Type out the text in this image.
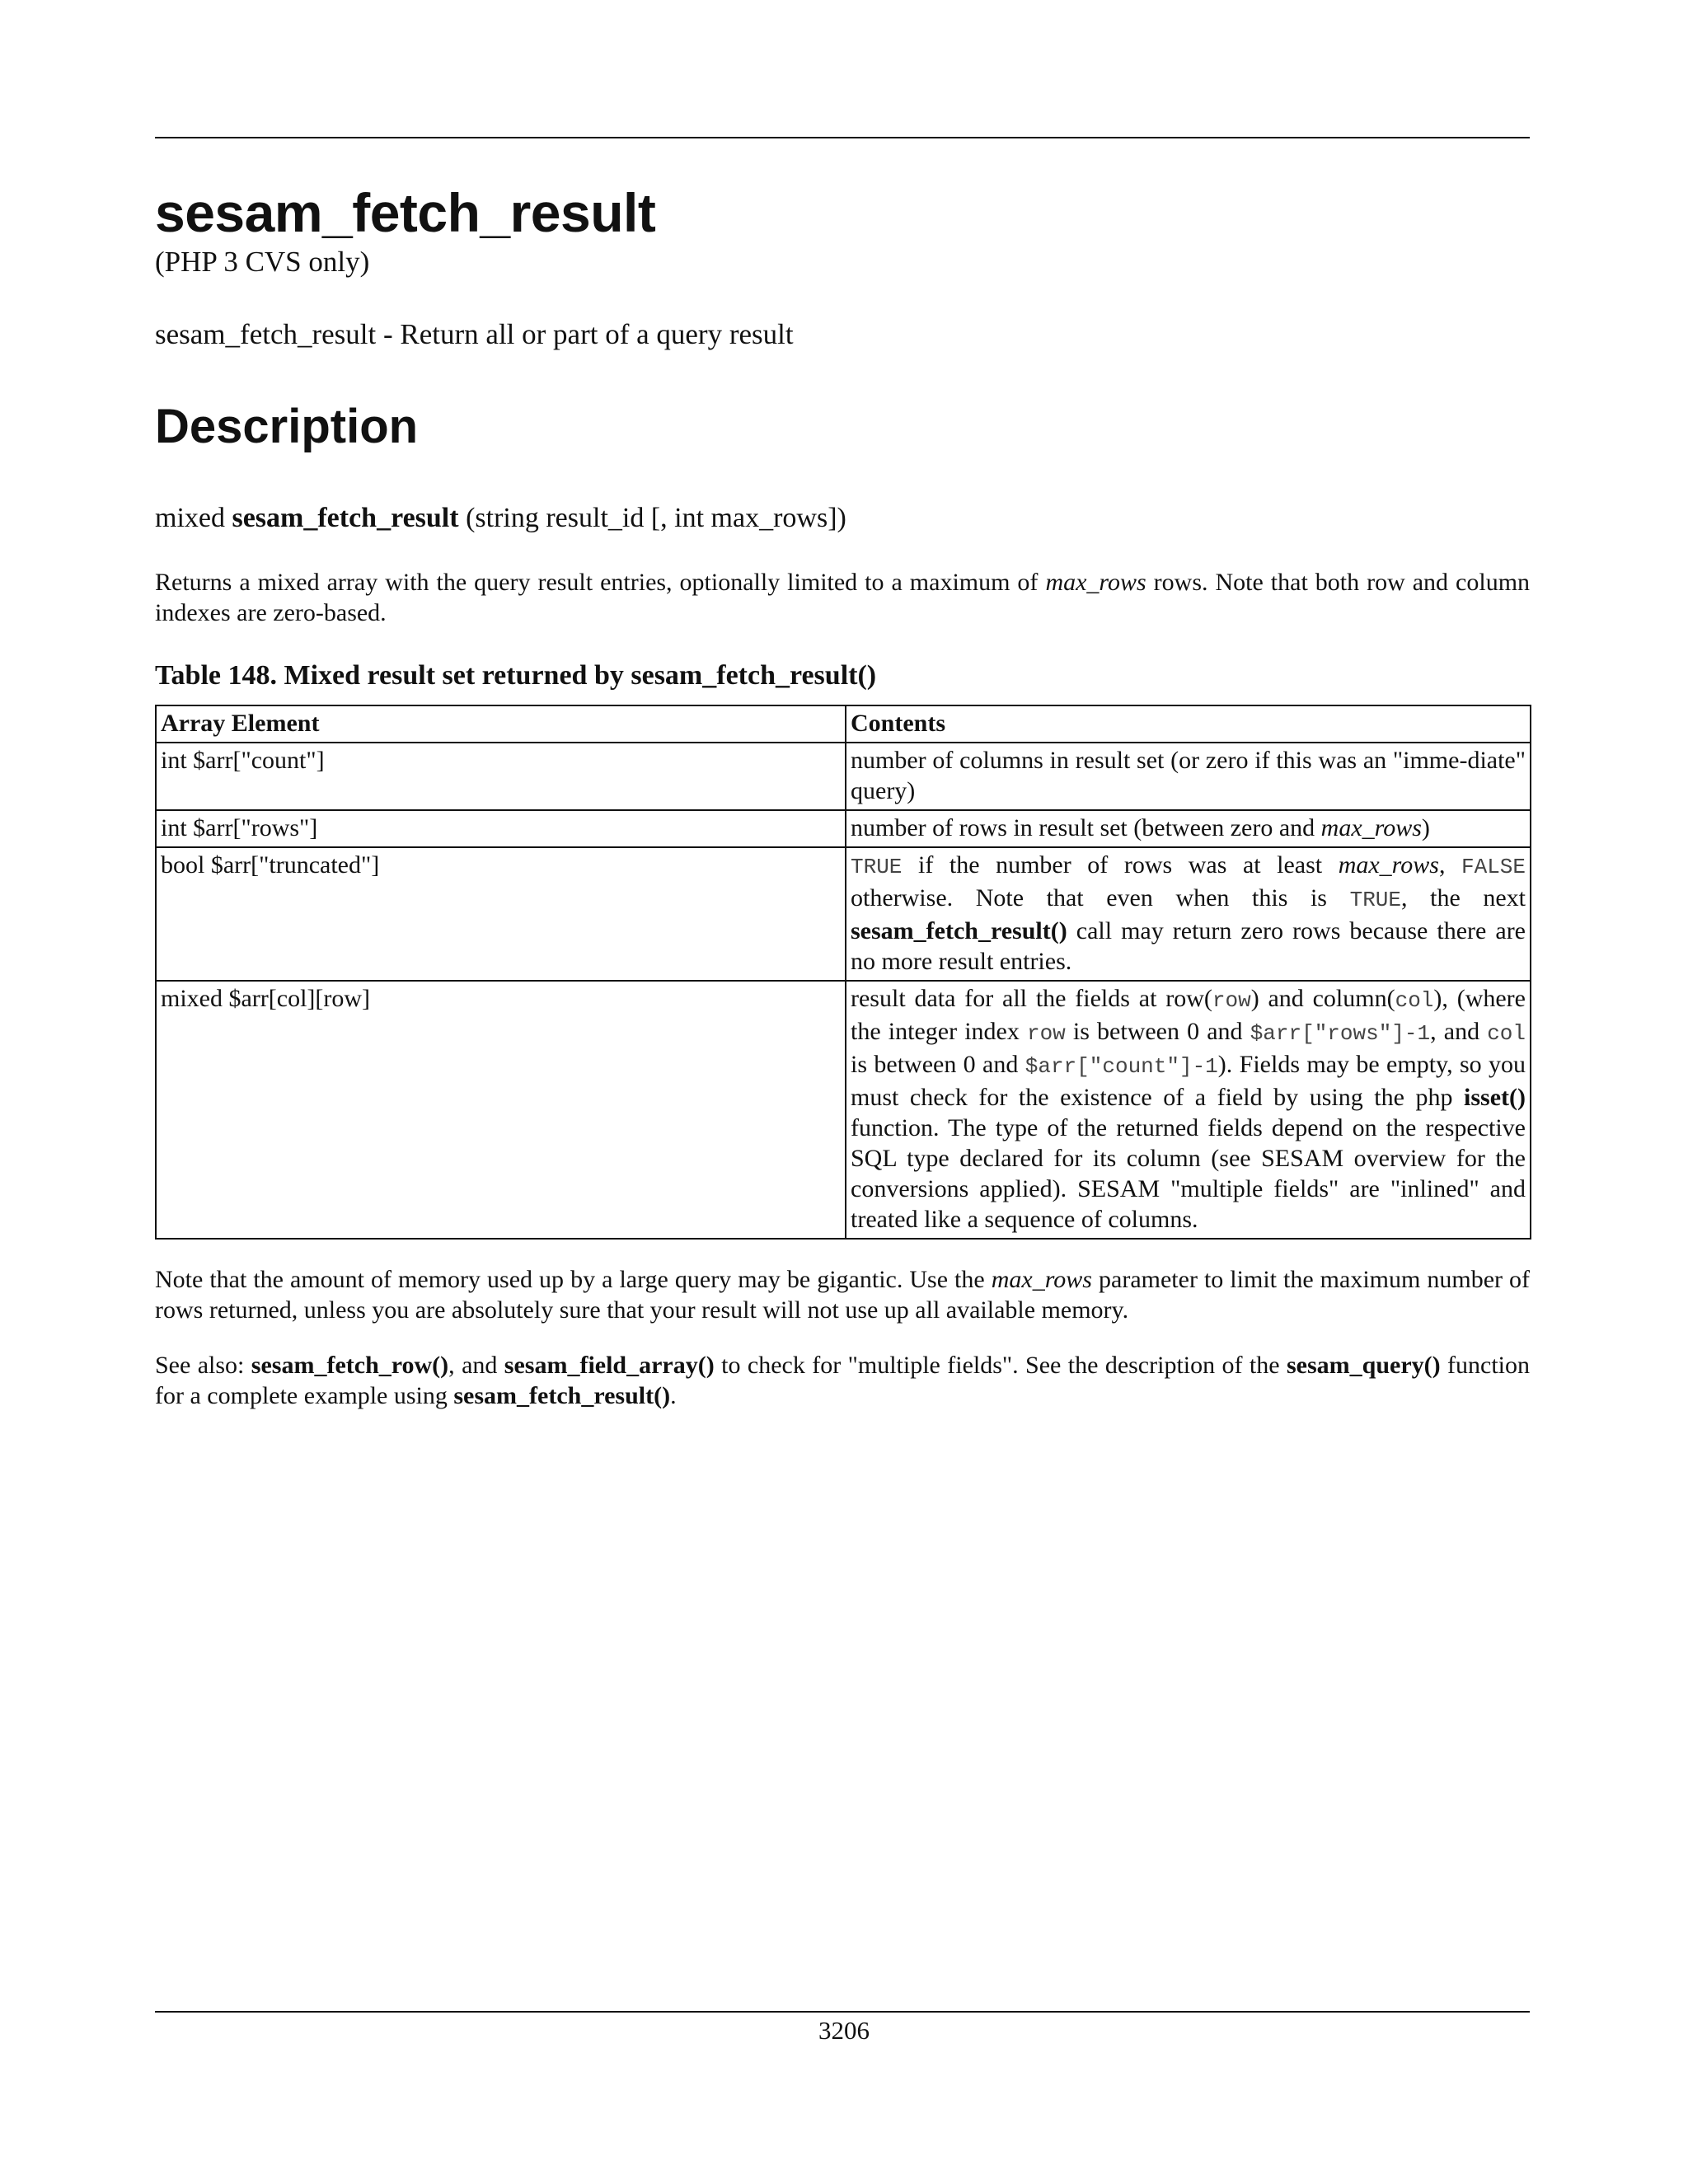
sesam_fetch_result
(PHP 3 CVS only)
sesam_fetch_result - Return all or part of a query result
Description
mixed sesam_fetch_result (string result_id [, int max_rows])

Returns a mixed array with the query result entries, optionally limited to a maximum of max_rows rows. Note that both row and column indexes are zero-based.

Table 148. Mixed result set returned by sesam_fetch_result()
Array Element	Contents
int $arr["count"]	number of columns in result set (or zero if this was an "imme-diate" query)
int $arr["rows"]	number of rows in result set (between zero and max_rows)
bool $arr["truncated"]	TRUE if the number of rows was at least max_rows, FALSE otherwise. Note that even when this is TRUE, the next sesam_fetch_result() call may return zero rows because there are no more result entries.
mixed $arr[col][row]	result data for all the fields at row(row) and column(col), (where the integer index row is between 0 and $arr["rows"]-1, and col is between 0 and $arr["count"]-1). Fields may be empty, so you must check for the existence of a field by using the php isset() function. The type of the returned fields depend on the respective SQL type declared for its column (see SESAM overview for the conversions applied). SESAM "multiple fields" are "inlined" and treated like a sequence of columns.

Note that the amount of memory used up by a large query may be gigantic. Use the max_rows parameter to limit the maximum number of rows returned, unless you are absolutely sure that your result will not use up all available memory.

See also: sesam_fetch_row(), and sesam_field_array() to check for "multiple fields". See the description of the sesam_query() function for a complete example using sesam_fetch_result().

3206
